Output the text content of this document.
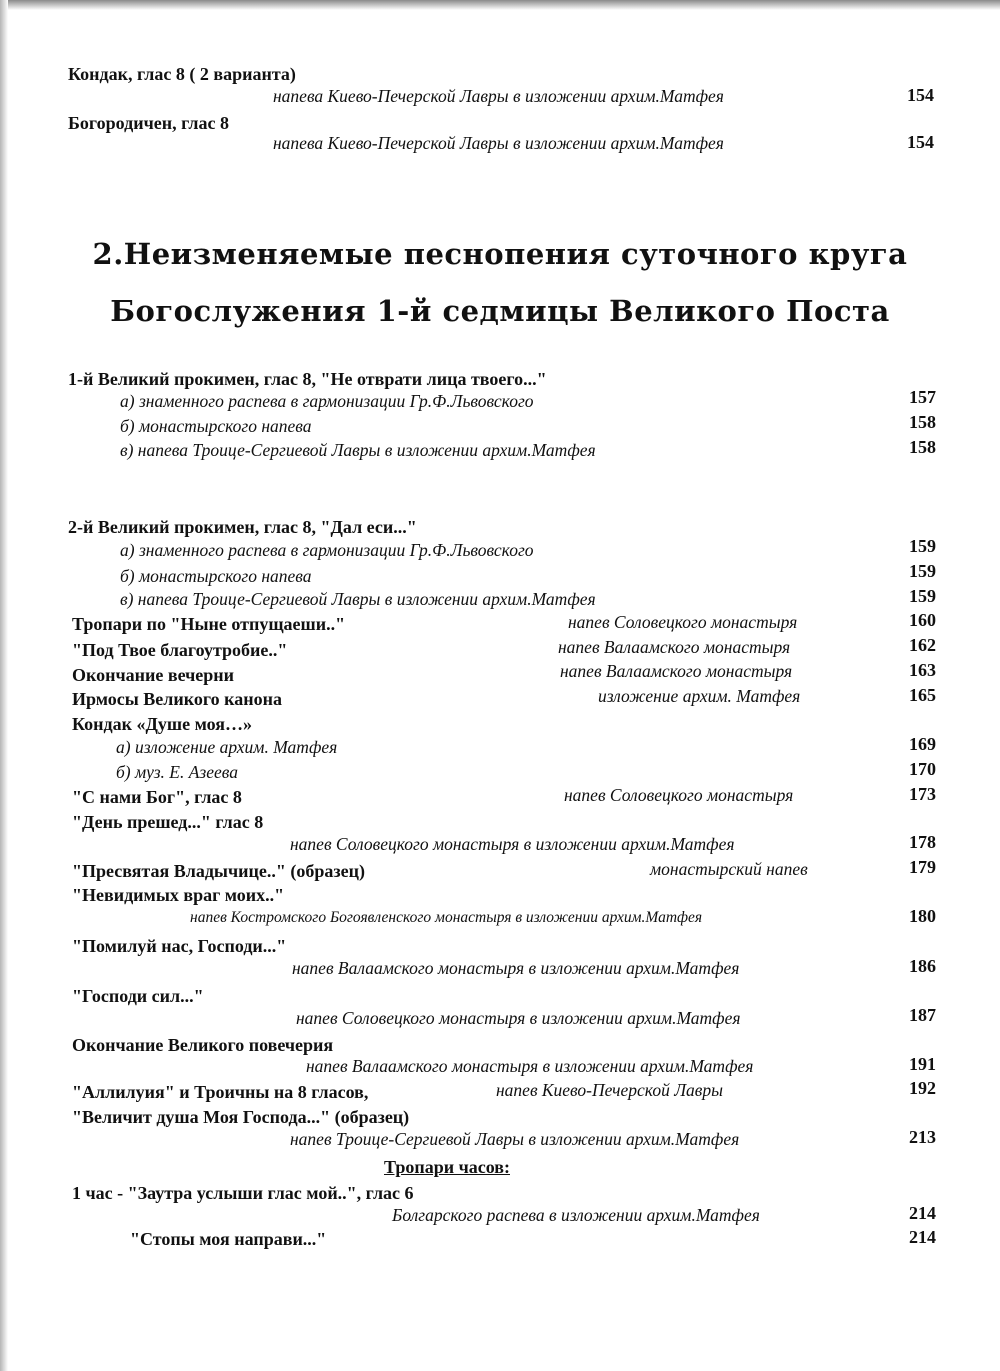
Кондак, глас 8 ( 2 варианта)
напева Киево-Печерской Лавры в изложении архим.Матфея	154
Богородичен, глас 8
напева Киево-Печерской Лавры в изложении архим.Матфея	154
2.Неизменяемые песнопения суточного круга
Богослужения 1-й седмицы Великого Поста
1-й Великий прокимен, глас 8, "Не отврати лица твоего..."
а) знаменного распева в гармонизации Гр.Ф.Львовского	157
б) монастырского напева	158
в) напева Троице-Сергиевой Лавры в изложении архим.Матфея	158
2-й Великий прокимен, глас 8, "Дал еси..."
а) знаменного распева в гармонизации Гр.Ф.Львовского	159
б) монастырского напева	159
в) напева Троице-Сергиевой Лавры в изложении архим.Матфея	159
Тропари по "Ныне отпущаеши.."	напев Соловецкого монастыря	160
"Под Твое благоутробие.."	напев Валаамского монастыря	162
Окончание вечерни	напев Валаамского монастыря	163
Ирмосы Великого канона	изложение архим. Матфея	165
Кондак «Душе моя…»
а) изложение архим. Матфея	169
б) муз. Е. Азеева	170
"С нами Бог", глас 8	напев Соловецкого монастыря	173
"День прешед..." глас 8
напев Соловецкого монастыря в изложении архим.Матфея	178
"Пресвятая Владычице.." (образец)	монастырский напев	179
"Невидимых враг моих.."
напев Костромского Богоявленского монастыря в изложении архим.Матфея	180
"Помилуй нас, Господи..."
напев Валаамского монастыря в изложении архим.Матфея	186
"Господи сил..."
напев Соловецкого монастыря в изложении архим.Матфея	187
Окончание Великого повечерия
напев Валаамского монастыря в изложении архим.Матфея	191
"Аллилуия" и Троичны на 8 гласов,	напев Киево-Печерской Лавры	192
"Величит душа Моя Господа..." (образец)
напев Троице-Сергиевой Лавры в изложении архим.Матфея	213
Тропари часов:
1 час - "Заутра услыши глас мой..", глас 6
Болгарского распева в изложении архим.Матфея	214
"Стопы моя направи..."	214
